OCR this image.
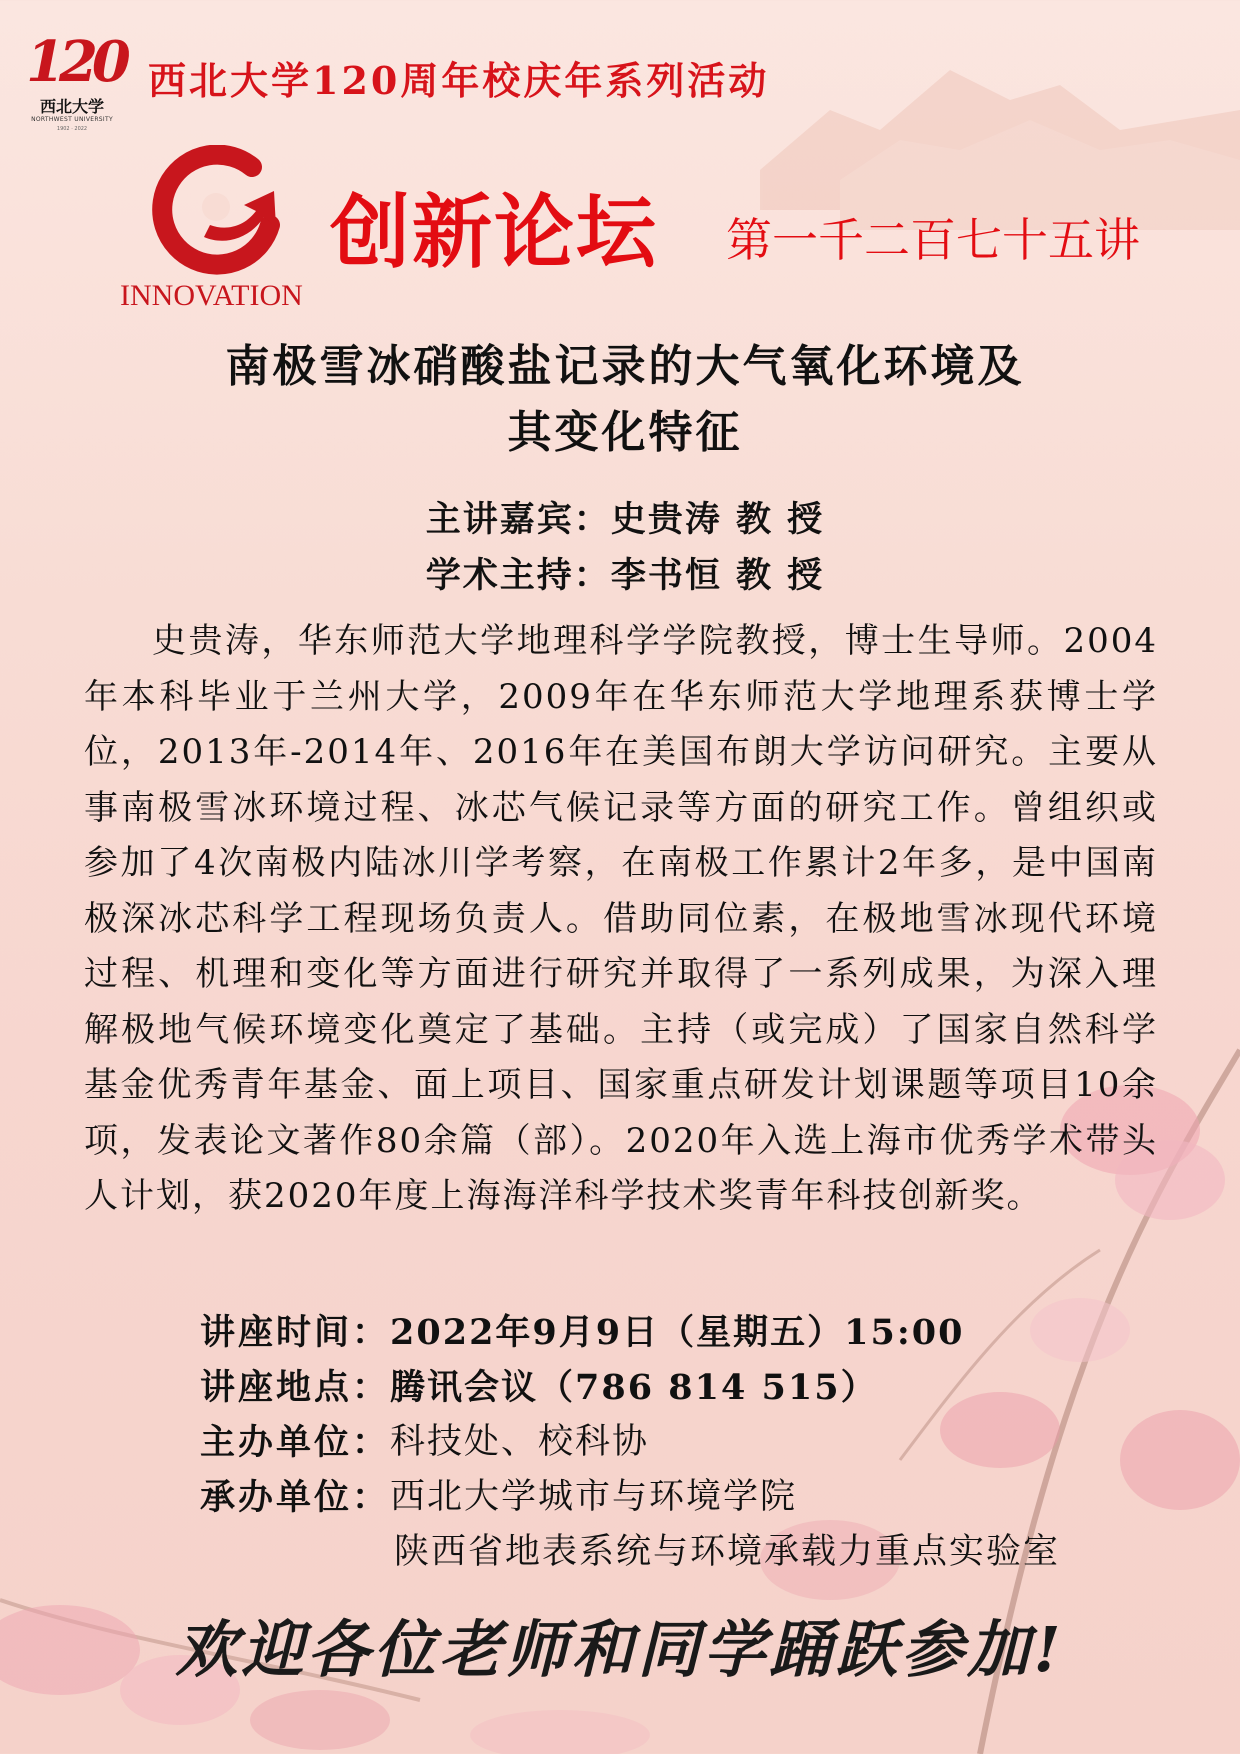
120
西北大学
NORTHWEST UNIVERSITY
1902 · 2022
西北大学120周年校庆年系列活动
INNOVATION
创新论坛 第一千二百七十五讲
南极雪冰硝酸盐记录的大气氧化环境及
其变化特征
主讲嘉宾：史贵涛 教 授
学术主持：李书恒 教 授
史贵涛，华东师范大学地理科学学院教授，博士生导师。2004年本科毕业于兰州大学，2009年在华东师范大学地理系获博士学位，2013年-2014年、2016年在美国布朗大学访问研究。主要从事南极雪冰环境过程、冰芯气候记录等方面的研究工作。曾组织或参加了4次南极内陆冰川学考察，在南极工作累计2年多，是中国南极深冰芯科学工程现场负责人。借助同位素，在极地雪冰现代环境过程、机理和变化等方面进行研究并取得了一系列成果，为深入理解极地气候环境变化奠定了基础。主持（或完成）了国家自然科学基金优秀青年基金、面上项目、国家重点研发计划课题等项目10余项，发表论文著作80余篇（部）。2020年入选上海市优秀学术带头人计划，获2020年度上海海洋科学技术奖青年科技创新奖。
讲座时间： 2022年9月9日（星期五）15:00
讲座地点： 腾讯会议（786 814 515）
主办单位： 科技处、校科协
承办单位： 西北大学城市与环境学院
陕西省地表系统与环境承载力重点实验室
欢迎各位老师和同学踊跃参加!
